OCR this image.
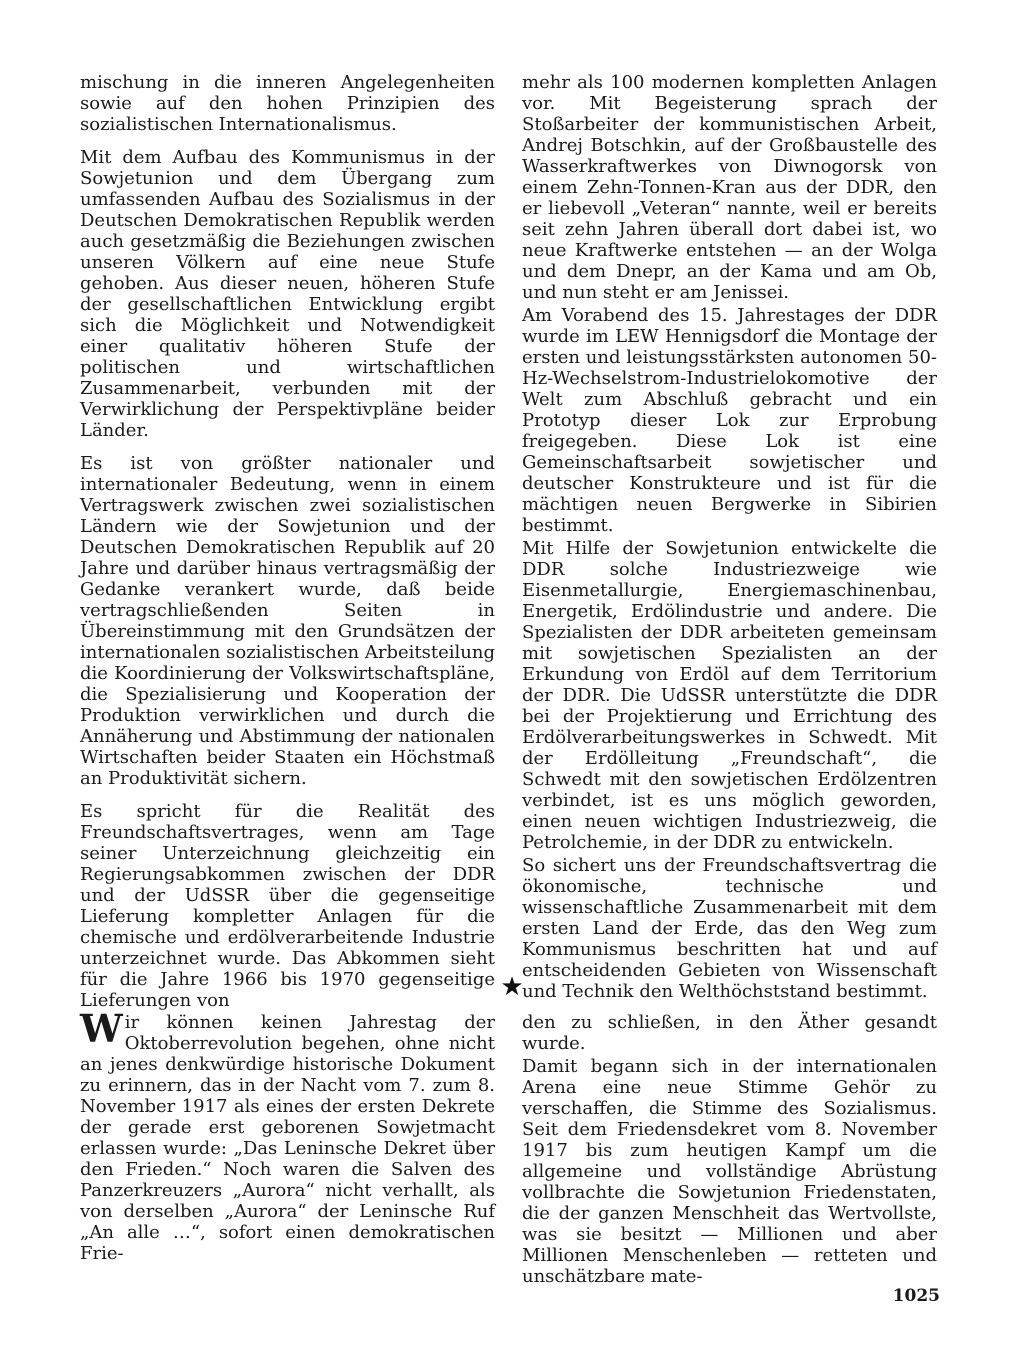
mischung in die inneren Angelegenheiten sowie auf den hohen Prinzipien des sozialistischen Internationalismus.

Mit dem Aufbau des Kommunismus in der Sowjetunion und dem Übergang zum umfassenden Aufbau des Sozialismus in der Deutschen Demokratischen Republik werden auch gesetzmäßig die Beziehungen zwischen unseren Völkern auf eine neue Stufe gehoben. Aus dieser neuen, höheren Stufe der gesellschaftlichen Entwicklung ergibt sich die Möglichkeit und Notwendigkeit einer qualitativ höheren Stufe der politischen und wirtschaftlichen Zusammenarbeit, verbunden mit der Verwirklichung der Perspektivpläne beider Länder.

Es ist von größter nationaler und internationaler Bedeutung, wenn in einem Vertragswerk zwischen zwei sozialistischen Ländern wie der Sowjetunion und der Deutschen Demokratischen Republik auf 20 Jahre und darüber hinaus vertragsmäßig der Gedanke verankert wurde, daß beide vertragschließenden Seiten in Übereinstimmung mit den Grundsätzen der internationalen sozialistischen Arbeitsteilung die Koordinierung der Volkswirtschaftspläne, die Spezialisierung und Kooperation der Produktion verwirklichen und durch die Annäherung und Abstimmung der nationalen Wirtschaften beider Staaten ein Höchstmaß an Produktivität sichern.

Es spricht für die Realität des Freundschaftsvertrages, wenn am Tage seiner Unterzeichnung gleichzeitig ein Regierungsabkommen zwischen der DDR und der UdSSR über die gegenseitige Lieferung kompletter Anlagen für die chemische und erdölverarbeitende Industrie unterzeichnet wurde. Das Abkommen sieht für die Jahre 1966 bis 1970 gegenseitige Lieferungen von

mehr als 100 modernen kompletten Anlagen vor. Mit Begeisterung sprach der Stoßarbeiter der kommunistischen Arbeit, Andrej Botschkin, auf der Großbaustelle des Wasserkraftwerkes von Diwnogorsk von einem Zehn-Tonnen-Kran aus der DDR, den er liebevoll „Veteran“ nannte, weil er bereits seit zehn Jahren überall dort dabei ist, wo neue Kraftwerke entstehen — an der Wolga und dem Dnepr, an der Kama und am Ob, und nun steht er am Jenissei.

Am Vorabend des 15. Jahrestages der DDR wurde im LEW Hennigsdorf die Montage der ersten und leistungsstärksten autonomen 50-Hz-Wechselstrom-Industrielokomotive der Welt zum Abschluß gebracht und ein Prototyp dieser Lok zur Erprobung freigegeben. Diese Lok ist eine Gemeinschaftsarbeit sowjetischer und deutscher Konstrukteure und ist für die mächtigen neuen Bergwerke in Sibirien bestimmt.

Mit Hilfe der Sowjetunion entwickelte die DDR solche Industriezweige wie Eisenmetallurgie, Energiemaschinenbau, Energetik, Erdölindustrie und andere. Die Spezialisten der DDR arbeiteten gemeinsam mit sowjetischen Spezialisten an der Erkundung von Erdöl auf dem Territorium der DDR. Die UdSSR unterstützte die DDR bei der Projektierung und Errichtung des Erdölverarbeitungswerkes in Schwedt. Mit der Erdölleitung „Freundschaft“, die Schwedt mit den sowjetischen Erdölzentren verbindet, ist es uns möglich geworden, einen neuen wichtigen Industriezweig, die Petrolchemie, in der DDR zu entwickeln.

So sichert uns der Freundschaftsvertrag die ökonomische, technische und wissenschaftliche Zusammenarbeit mit dem ersten Land der Erde, das den Weg zum Kommunismus beschritten hat und auf entscheidenden Gebieten von Wissenschaft und Technik den Welthöchststand bestimmt.

★

Wir können keinen Jahrestag der Oktoberrevolution begehen, ohne nicht an jenes denkwürdige historische Dokument zu erinnern, das in der Nacht vom 7. zum 8. November 1917 als eines der ersten Dekrete der gerade erst geborenen Sowjetmacht erlassen wurde: „Das Leninsche Dekret über den Frieden.“ Noch waren die Salven des Panzerkreuzers „Aurora“ nicht verhallt, als von derselben „Aurora“ der Leninsche Ruf „An alle …“, sofort einen demokratischen Frie-

den zu schließen, in den Äther gesandt wurde.

Damit begann sich in der internationalen Arena eine neue Stimme Gehör zu verschaffen, die Stimme des Sozialismus. Seit dem Friedensdekret vom 8. November 1917 bis zum heutigen Kampf um die allgemeine und vollständige Abrüstung vollbrachte die Sowjetunion Friedenstaten, die der ganzen Menschheit das Wertvollste, was sie besitzt — Millionen und aber Millionen Menschenleben — retteten und unschätzbare mate-

1025
